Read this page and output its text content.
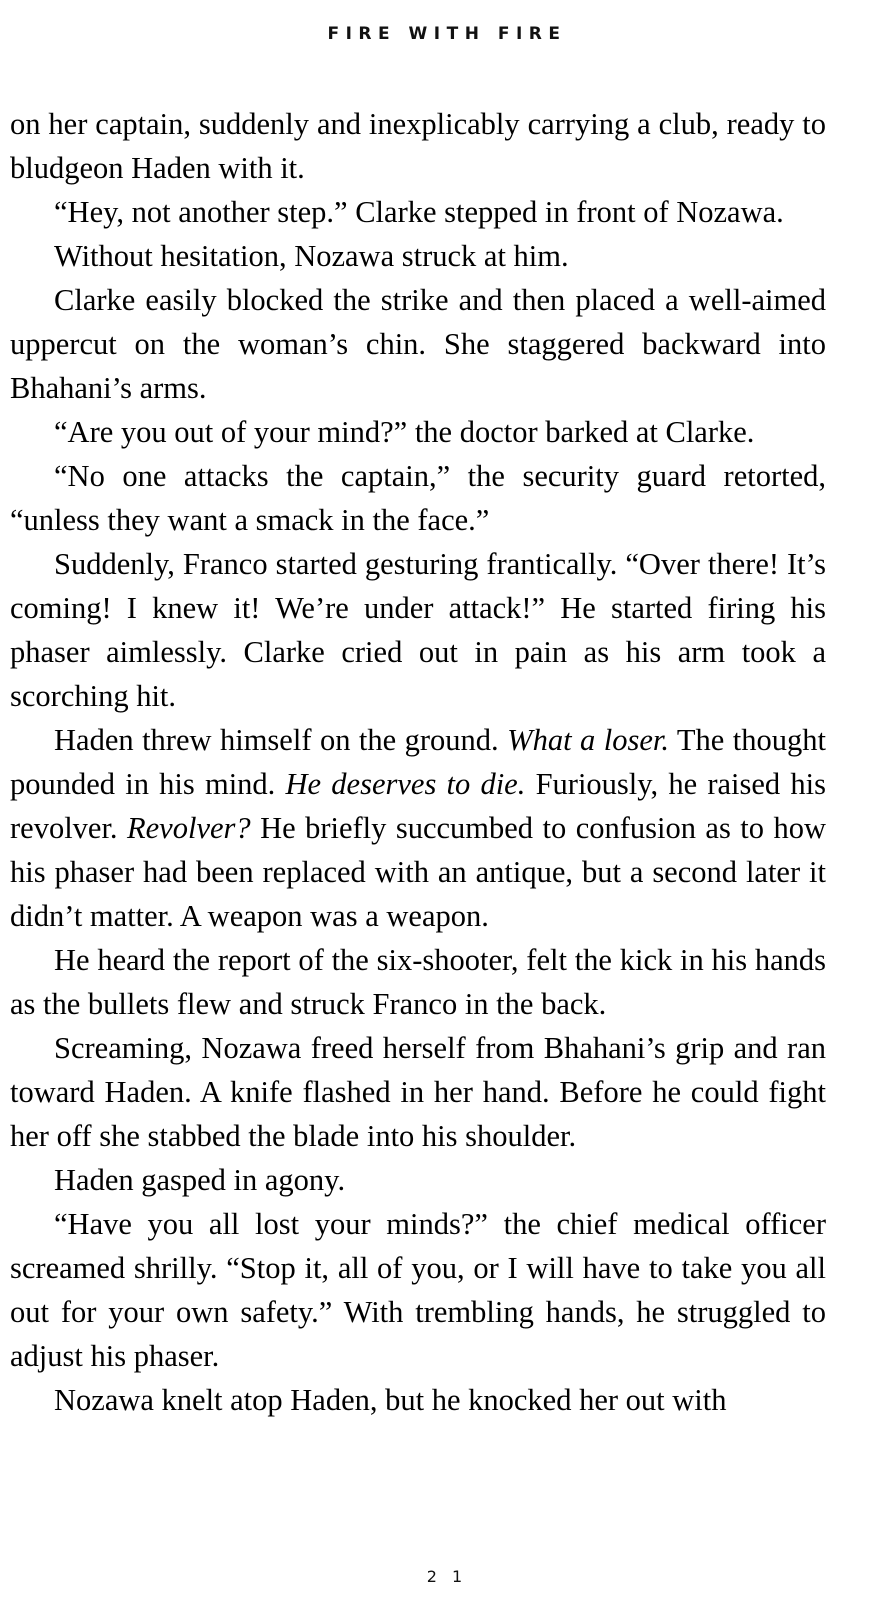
FIRE WITH FIRE

on her captain, suddenly and inexplicably carrying a club, ready to bludgeon Haden with it.

“Hey, not another step.” Clarke stepped in front of Nozawa.

Without hesitation, Nozawa struck at him.

Clarke easily blocked the strike and then placed a well-aimed uppercut on the woman’s chin. She staggered backward into Bhahani’s arms.

“Are you out of your mind?” the doctor barked at Clarke.

“No one attacks the captain,” the security guard retorted, “unless they want a smack in the face.”

Suddenly, Franco started gesturing frantically. “Over there! It’s coming! I knew it! We’re under attack!” He started firing his phaser aimlessly. Clarke cried out in pain as his arm took a scorching hit.

Haden threw himself on the ground. What a loser. The thought pounded in his mind. He deserves to die. Furiously, he raised his revolver. Revolver? He briefly succumbed to confusion as to how his phaser had been replaced with an antique, but a second later it didn’t matter. A weapon was a weapon.

He heard the report of the six-shooter, felt the kick in his hands as the bullets flew and struck Franco in the back.

Screaming, Nozawa freed herself from Bhahani’s grip and ran toward Haden. A knife flashed in her hand. Before he could fight her off she stabbed the blade into his shoulder.

Haden gasped in agony.

“Have you all lost your minds?” the chief medical officer screamed shrilly. “Stop it, all of you, or I will have to take you all out for your own safety.” With trembling hands, he struggled to adjust his phaser.

Nozawa knelt atop Haden, but he knocked her out with

2 1
